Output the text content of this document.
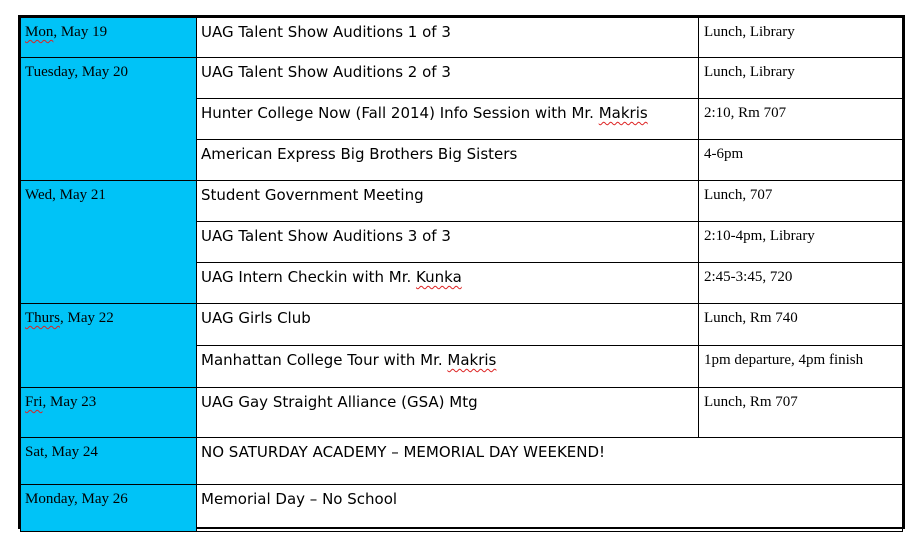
Mon, May 19	UAG Talent Show Auditions 1 of 3	Lunch, Library
Tuesday, May 20	UAG Talent Show Auditions 2 of 3	Lunch, Library
	Hunter College Now (Fall 2014) Info Session with Mr. Makris	2:10, Rm 707
	American Express Big Brothers Big Sisters	4-6pm
Wed, May 21	Student Government Meeting	Lunch, 707
	UAG Talent Show Auditions 3 of 3	2:10-4pm, Library
	UAG Intern Checkin with Mr. Kunka	2:45-3:45, 720
Thurs, May 22	UAG Girls Club	Lunch, Rm 740
	Manhattan College Tour with Mr. Makris	1pm departure, 4pm finish
Fri, May 23	UAG Gay Straight Alliance (GSA) Mtg	Lunch, Rm 707
Sat, May 24	NO SATURDAY ACADEMY – MEMORIAL DAY WEEKEND!	
Monday, May 26	Memorial Day – No School	
